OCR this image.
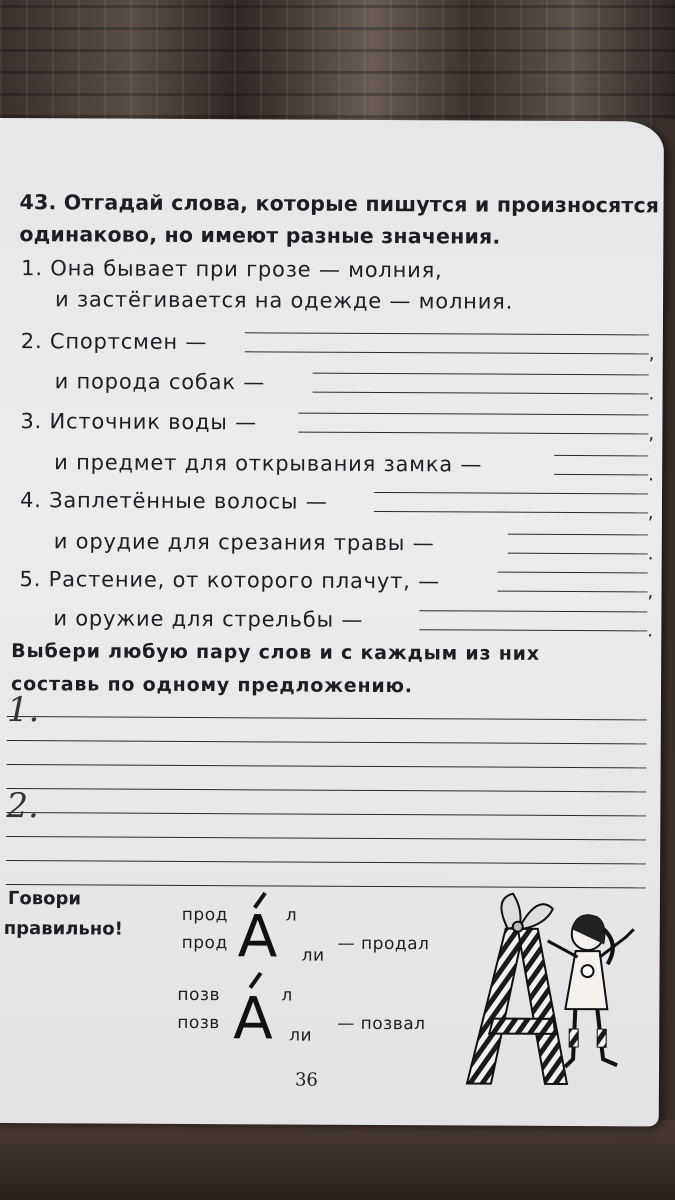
43. Отгадай слова, которые пишутся и произносятся
одинаково, но имеют разные значения.
1. Она бывает при грозе — молния,
и застёгивается на одежде — молния.
2. Спортсмен —	,
и порода собак —	.
3. Источник воды —	,
и предмет для открывания замка —	.
4. Заплетённые волосы —	,
и орудие для срезания травы —	.
5. Растение, от которого плачут, —	,
и оружие для стрельбы —	.
Выбери любую пару слов и с каждым из них
составь по одному предложению.
1.
2.
Говори
правильно!
прод
прод А л
ли
— продал
позв
позв А л
ли
— позвал
36
